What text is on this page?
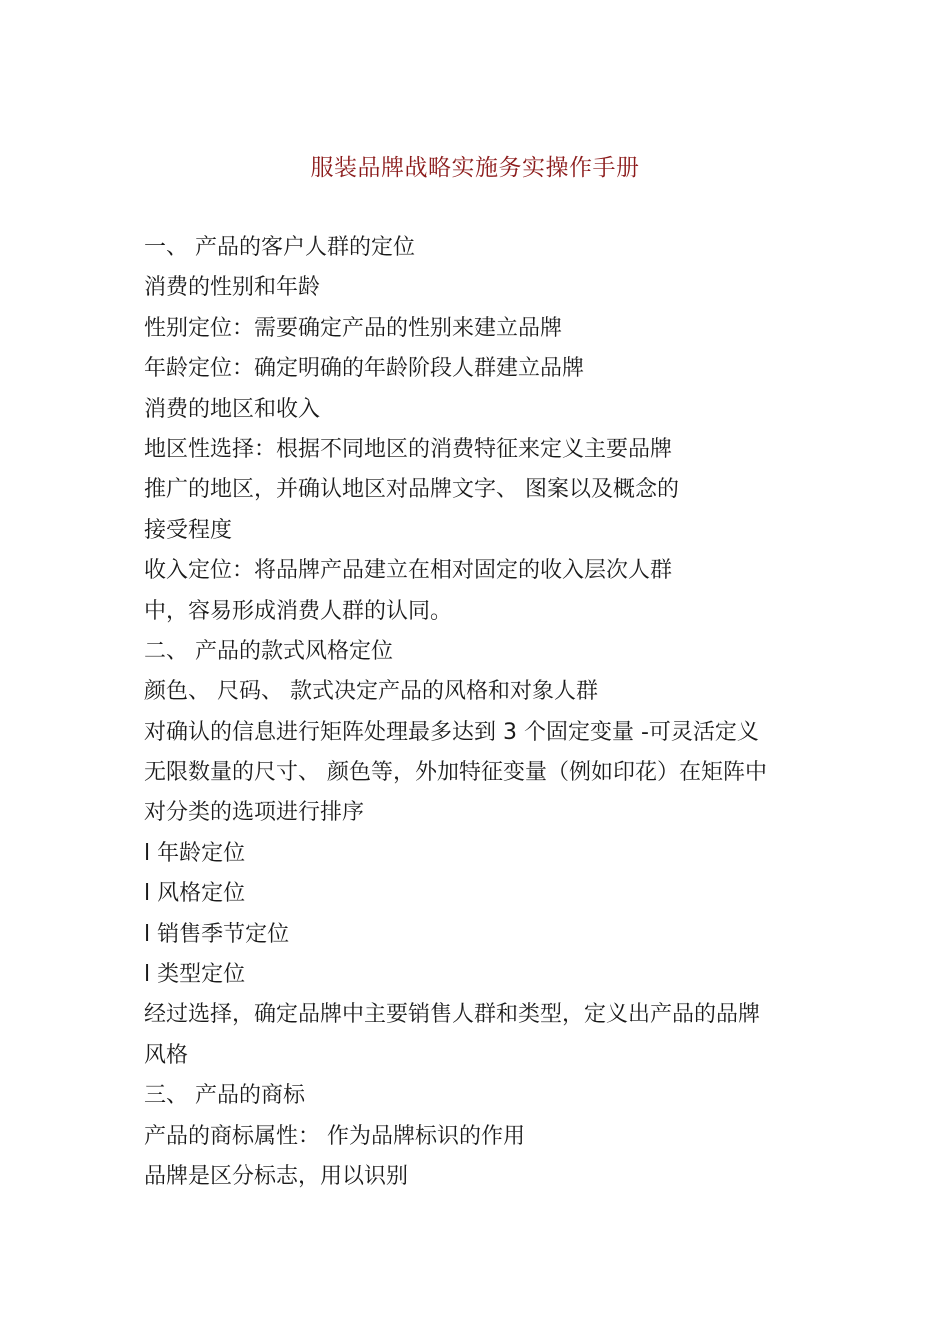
服装品牌战略实施务实操作手册
一、 产品的客户人群的定位
消费的性别和年龄
性别定位：需要确定产品的性别来建立品牌
年龄定位：确定明确的年龄阶段人群建立品牌
消费的地区和收入
地区性选择：根据不同地区的消费特征来定义主要品牌
推广的地区，并确认地区对品牌文字、 图案以及概念的
接受程度
收入定位：将品牌产品建立在相对固定的收入层次人群
中，容易形成消费人群的认同。
二、 产品的款式风格定位
颜色、 尺码、 款式决定产品的风格和对象人群
对确认的信息进行矩阵处理最多达到 3 个固定变量 -可灵活定义
无限数量的尺寸、 颜色等，外加特征变量（例如印花）在矩阵中
对分类的选项进行排序
l 年龄定位
l 风格定位
l 销售季节定位
l 类型定位
经过选择，确定品牌中主要销售人群和类型，定义出产品的品牌
风格
三、 产品的商标
产品的商标属性： 作为品牌标识的作用
品牌是区分标志，用以识别
